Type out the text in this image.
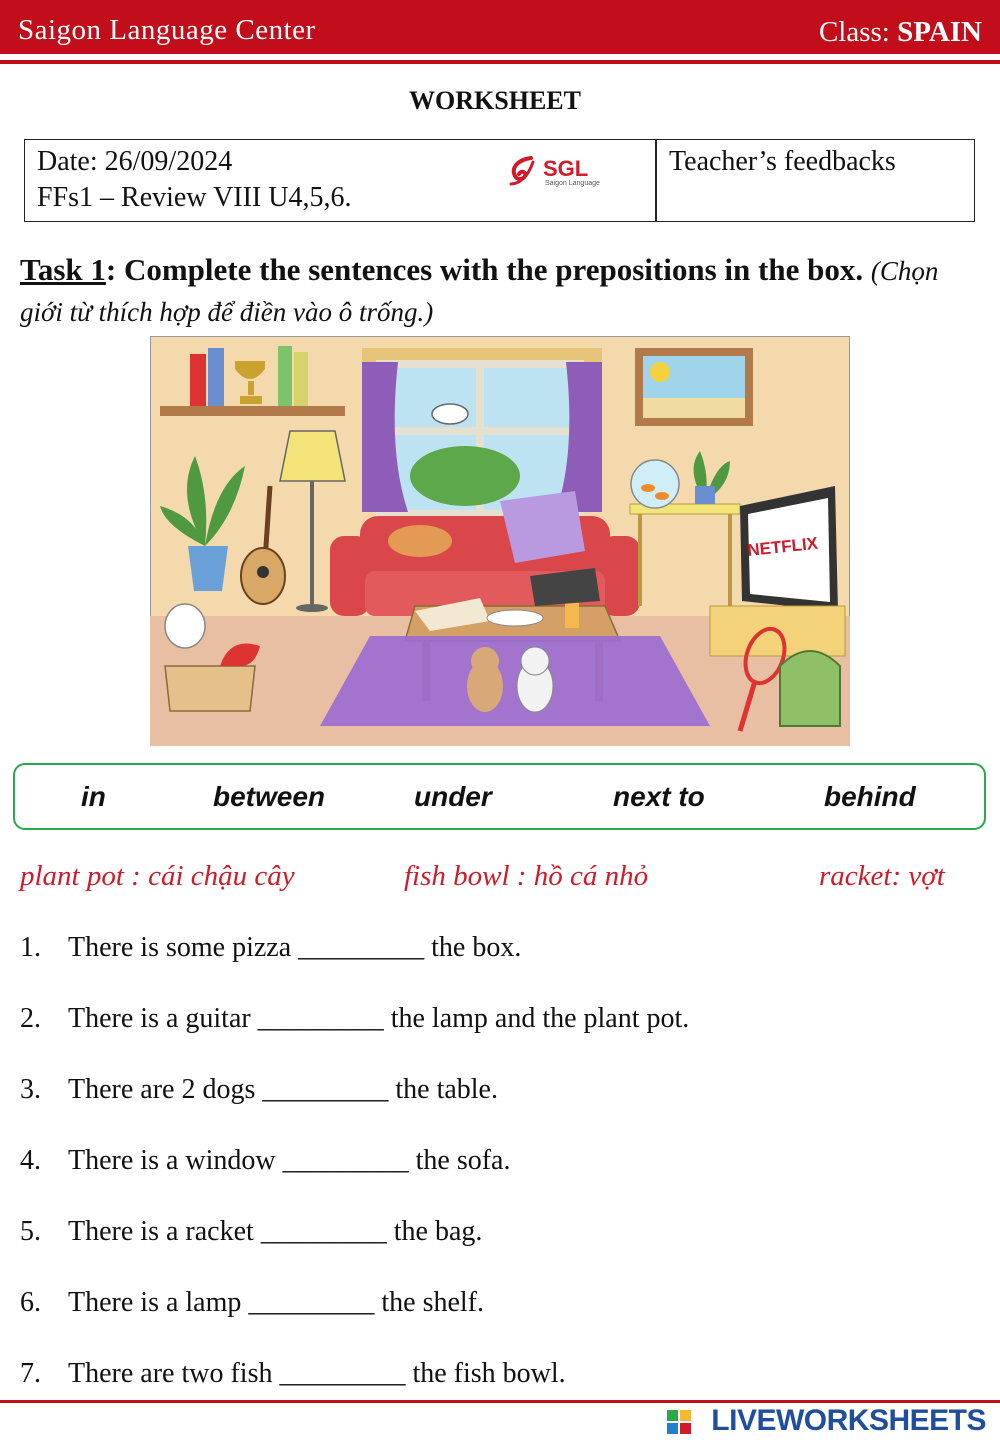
Saigon Language Center	Class: SPAIN
WORKSHEET
Date: 26/09/2024
FFs1 – Review VIII U4,5,6.
SGL
Saigon Language
Teacher’s feedbacks
Task 1: Complete the sentences with the prepositions in the box. (Chọn giới từ thích hợp để điền vào ô trống.)
NETFLIX
in	between	under	next to	behind
plant pot : cái chậu cây	fish bowl : hồ cá nhỏ	racket: vợt
1. There is some pizza _________ the box.
2. There is a guitar _________ the lamp and the plant pot.
3. There are 2 dogs _________ the table.
4. There is a window _________ the sofa.
5. There is a racket _________ the bag.
6. There is a lamp _________ the shelf.
7. There are two fish _________ the fish bowl.
LIVEWORKSHEETS
